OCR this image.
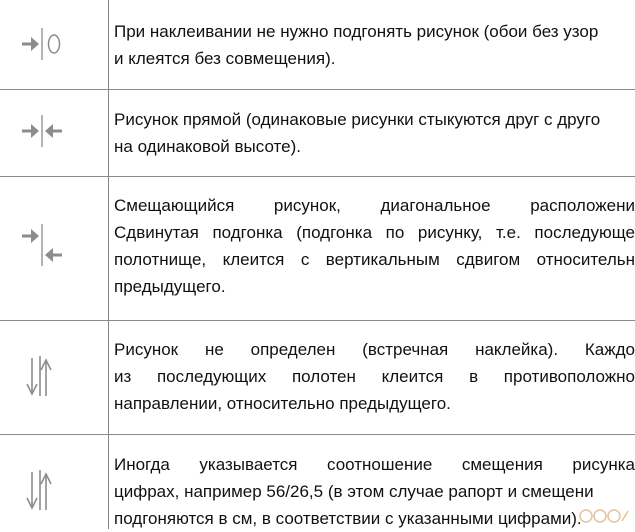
При наклеивании не нужно подгонять рисунок (обои без узор
и клеятся без совмещения).
Рисунок прямой (одинаковые рисунки стыкуются друг с друго
на одинаковой высоте).
Смещающийся рисунок, диагональное расположени
Сдвинутая подгонка (подгонка по рисунку, т.е. последующе
полотнище, клеится с вертикальным сдвигом относительн
предыдущего.
Рисунок не определен (встречная наклейка). Каждо
из последующих полотен клеится в противоположно
направлении, относительно предыдущего.
Иногда указывается соотношение смещения рисунка
цифрах, например 56/26,5 (в этом случае рапорт и смещени
подгоняются в см, в соответствии с указанными цифрами).
